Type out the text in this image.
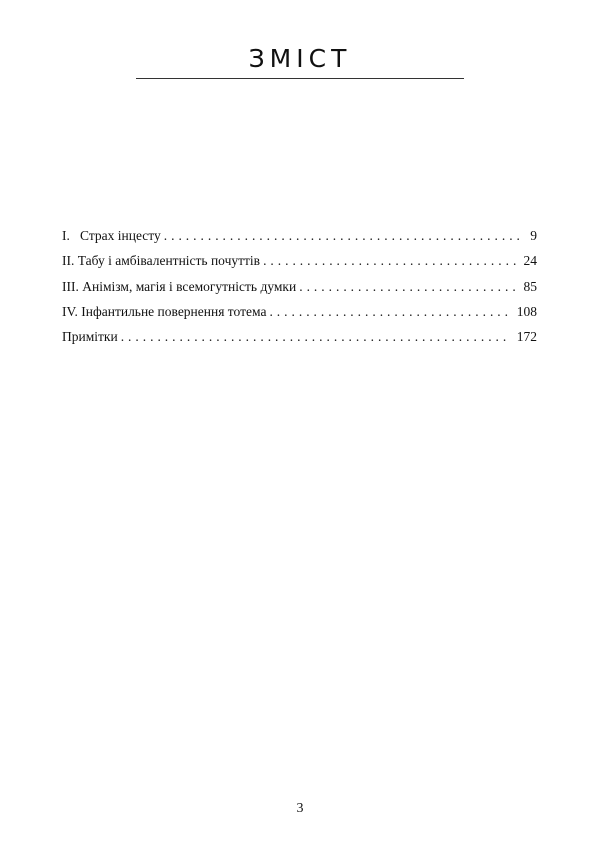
ЗМІСТ
I.   Страх інцесту . . .	9
II. Табу і амбівалентність почуттів . . .	24
III. Анімізм, магія і всемогутність думки . . .	85
IV. Інфантильне повернення тотема . . .	108
Примітки . . .	172
3
